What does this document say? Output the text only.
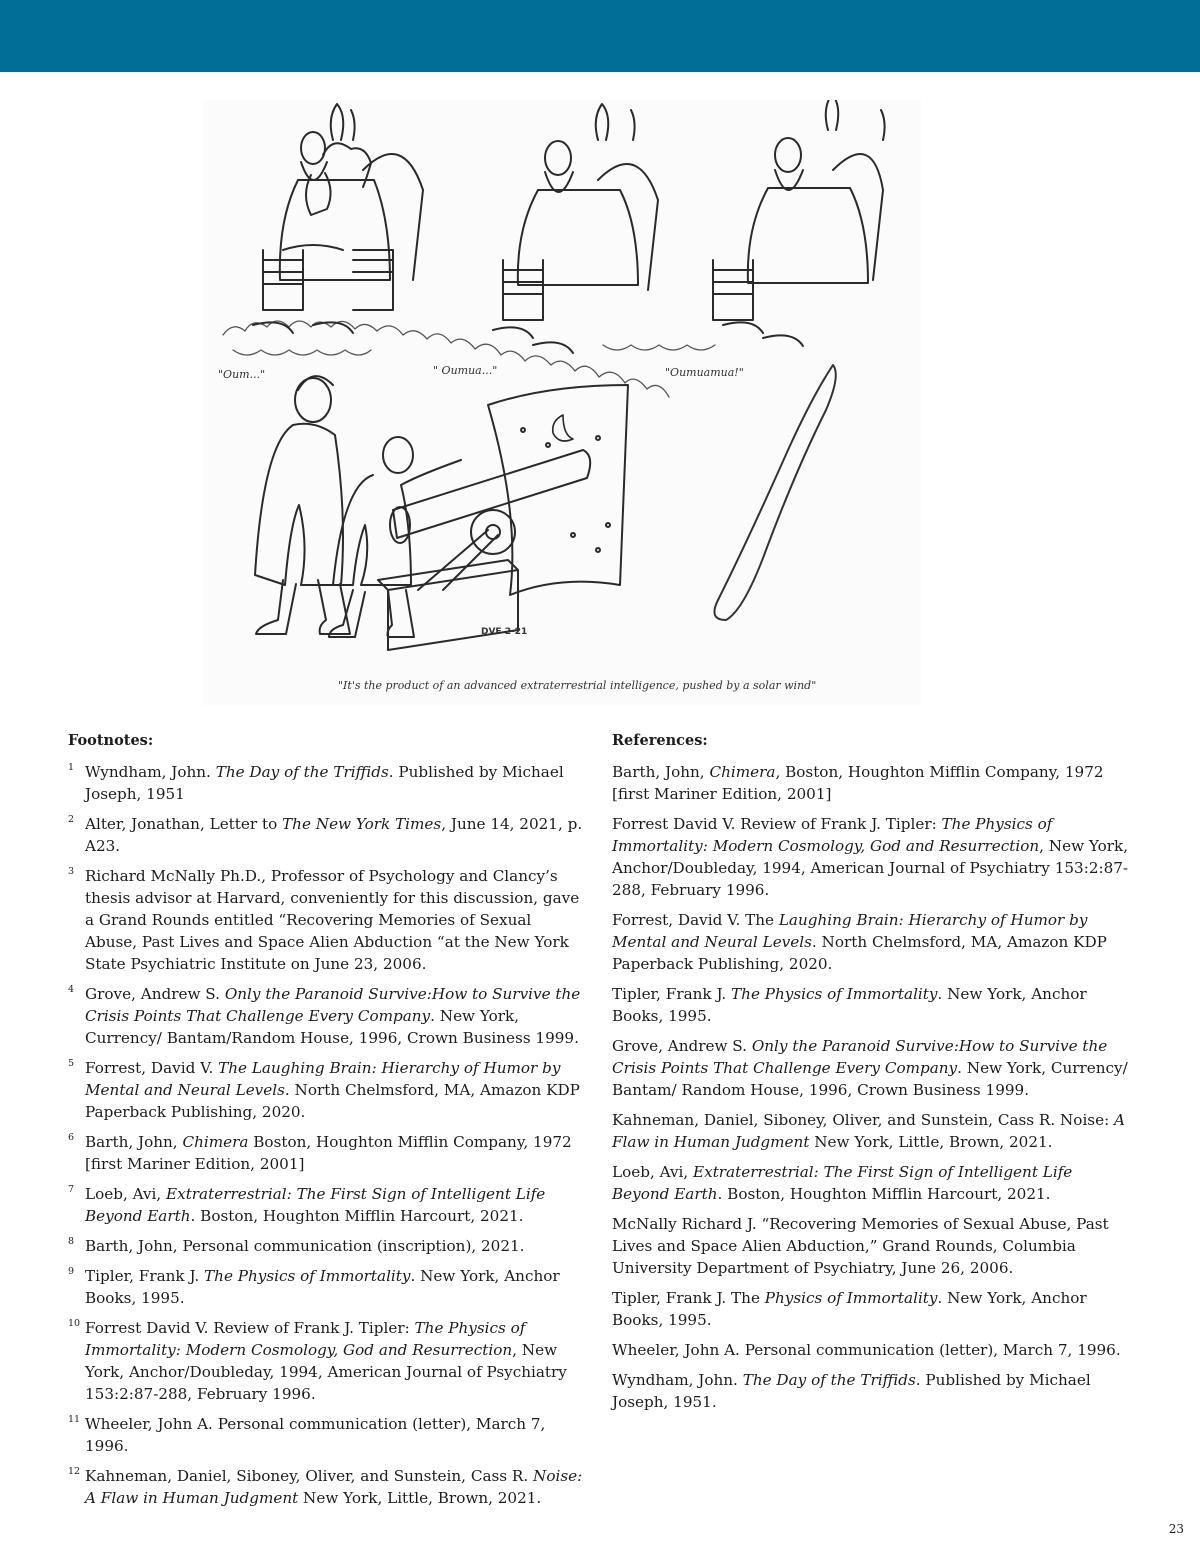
"Oum..."	" Oumua..."	"Oumuamua!"
DVF 2-21
"It's the product of an advanced extraterrestrial intelligence, pushed by a solar wind"
Footnotes:
1 Wyndham, John. The Day of the Triffids. Published by Michael Joseph, 1951
2 Alter, Jonathan, Letter to The New York Times, June 14, 2021, p. A23.
3 Richard McNally Ph.D., Professor of Psychology and Clancy’s thesis advisor at Harvard, conveniently for this discussion, gave a Grand Rounds entitled “Recovering Memories of Sexual Abuse, Past Lives and Space Alien Abduction “at the New York State Psychiatric Institute on June 23, 2006.
4 Grove, Andrew S. Only the Paranoid Survive:How to Survive the Crisis Points That Challenge Every Company. New York, Currency/ Bantam/Random House, 1996, Crown Business 1999.
5 Forrest, David V. The Laughing Brain: Hierarchy of Humor by Mental and Neural Levels. North Chelmsford, MA, Amazon KDP Paperback Publishing, 2020.
6 Barth, John, Chimera Boston, Houghton Mifflin Company, 1972 [first Mariner Edition, 2001]
7 Loeb, Avi, Extraterrestrial: The First Sign of Intelligent Life Beyond Earth. Boston, Houghton Mifflin Harcourt, 2021.
8 Barth, John, Personal communication (inscription), 2021.
9 Tipler, Frank J. The Physics of Immortality. New York, Anchor Books, 1995.
10 Forrest David V. Review of Frank J. Tipler: The Physics of Immortality: Modern Cosmology, God and Resurrection, New York, Anchor/Doubleday, 1994, American Journal of Psychiatry 153:2:87-288, February 1996.
11 Wheeler, John A. Personal communication (letter), March 7, 1996.
12 Kahneman, Daniel, Siboney, Oliver, and Sunstein, Cass R. Noise: A Flaw in Human Judgment New York, Little, Brown, 2021.
References:
Barth, John, Chimera, Boston, Houghton Mifflin Company, 1972 [first Mariner Edition, 2001]
Forrest David V. Review of Frank J. Tipler: The Physics of Immortality: Modern Cosmology, God and Resurrection, New York, Anchor/Doubleday, 1994, American Journal of Psychiatry 153:2:87-288, February 1996.
Forrest, David V. The Laughing Brain: Hierarchy of Humor by Mental and Neural Levels. North Chelmsford, MA, Amazon KDP Paperback Publishing, 2020.
Tipler, Frank J. The Physics of Immortality. New York, Anchor Books, 1995.
Grove, Andrew S. Only the Paranoid Survive:How to Survive the Crisis Points That Challenge Every Company. New York, Currency/ Bantam/ Random House, 1996, Crown Business 1999.
Kahneman, Daniel, Siboney, Oliver, and Sunstein, Cass R. Noise: A Flaw in Human Judgment New York, Little, Brown, 2021.
Loeb, Avi, Extraterrestrial: The First Sign of Intelligent Life Beyond Earth. Boston, Houghton Mifflin Harcourt, 2021.
McNally Richard J. “Recovering Memories of Sexual Abuse, Past Lives and Space Alien Abduction,” Grand Rounds, Columbia University Department of Psychiatry, June 26, 2006.
Tipler, Frank J. The Physics of Immortality. New York, Anchor Books, 1995.
Wheeler, John A. Personal communication (letter), March 7, 1996.
Wyndham, John. The Day of the Triffids. Published by Michael Joseph, 1951.
23
